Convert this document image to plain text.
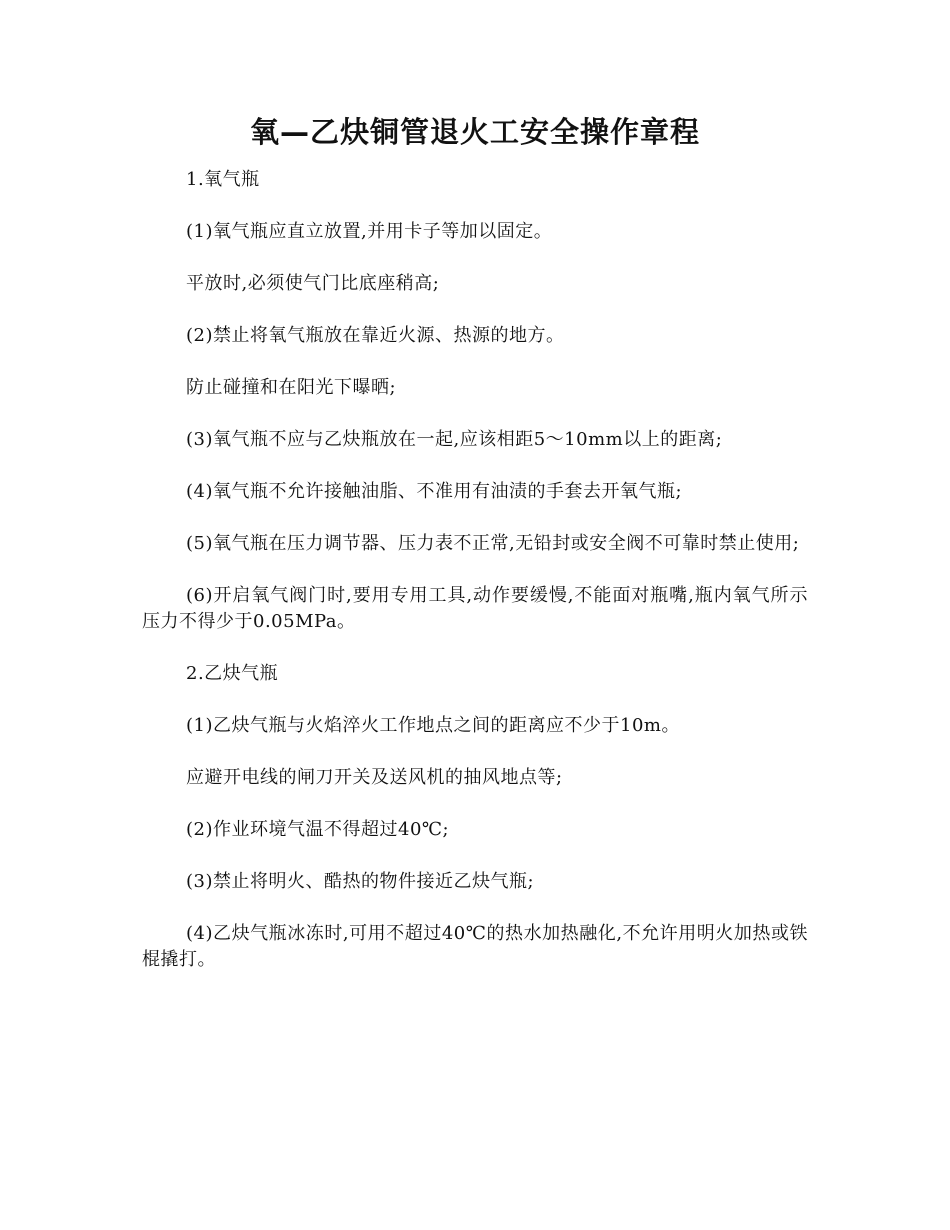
氧—乙炔铜管退火工安全操作章程

1.氧气瓶

(1)氧气瓶应直立放置,并用卡子等加以固定。

平放时,必须使气门比底座稍高;

(2)禁止将氧气瓶放在靠近火源、热源的地方。

防止碰撞和在阳光下曝晒;

(3)氧气瓶不应与乙炔瓶放在一起,应该相距5～10mm以上的距离;

(4)氧气瓶不允许接触油脂、不准用有油渍的手套去开氧气瓶;

(5)氧气瓶在压力调节器、压力表不正常,无铅封或安全阀不可靠时禁止使用;

(6)开启氧气阀门时,要用专用工具,动作要缓慢,不能面对瓶嘴,瓶内氧气所示压力不得少于0.05MPa。

2.乙炔气瓶

(1)乙炔气瓶与火焰淬火工作地点之间的距离应不少于10m。

应避开电线的闸刀开关及送风机的抽风地点等;

(2)作业环境气温不得超过40℃;

(3)禁止将明火、酷热的物件接近乙炔气瓶;

(4)乙炔气瓶冰冻时,可用不超过40℃的热水加热融化,不允许用明火加热或铁棍撬打。
